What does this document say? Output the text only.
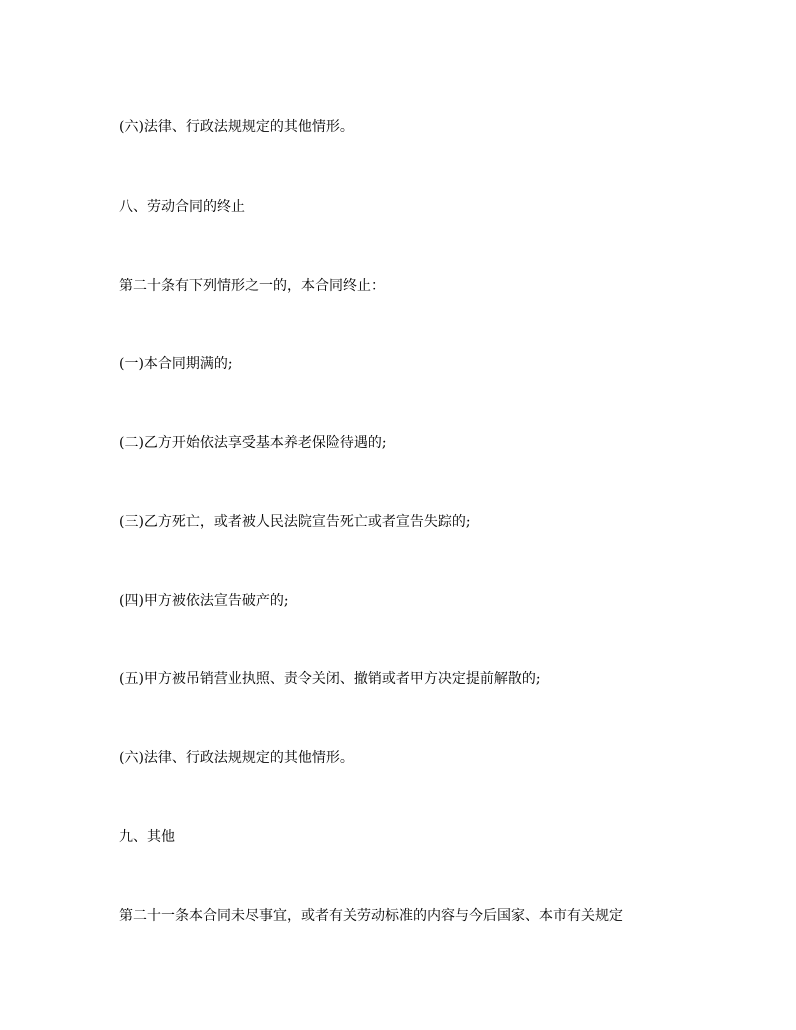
(六)法律、行政法规规定的其他情形。
八、劳动合同的终止
第二十条有下列情形之一的，本合同终止：
(一)本合同期满的;
(二)乙方开始依法享受基本养老保险待遇的;
(三)乙方死亡，或者被人民法院宣告死亡或者宣告失踪的;
(四)甲方被依法宣告破产的;
(五)甲方被吊销营业执照、责令关闭、撤销或者甲方决定提前解散的;
(六)法律、行政法规规定的其他情形。
九、其他
第二十一条本合同未尽事宜，或者有关劳动标准的内容与今后国家、本市有关规定
